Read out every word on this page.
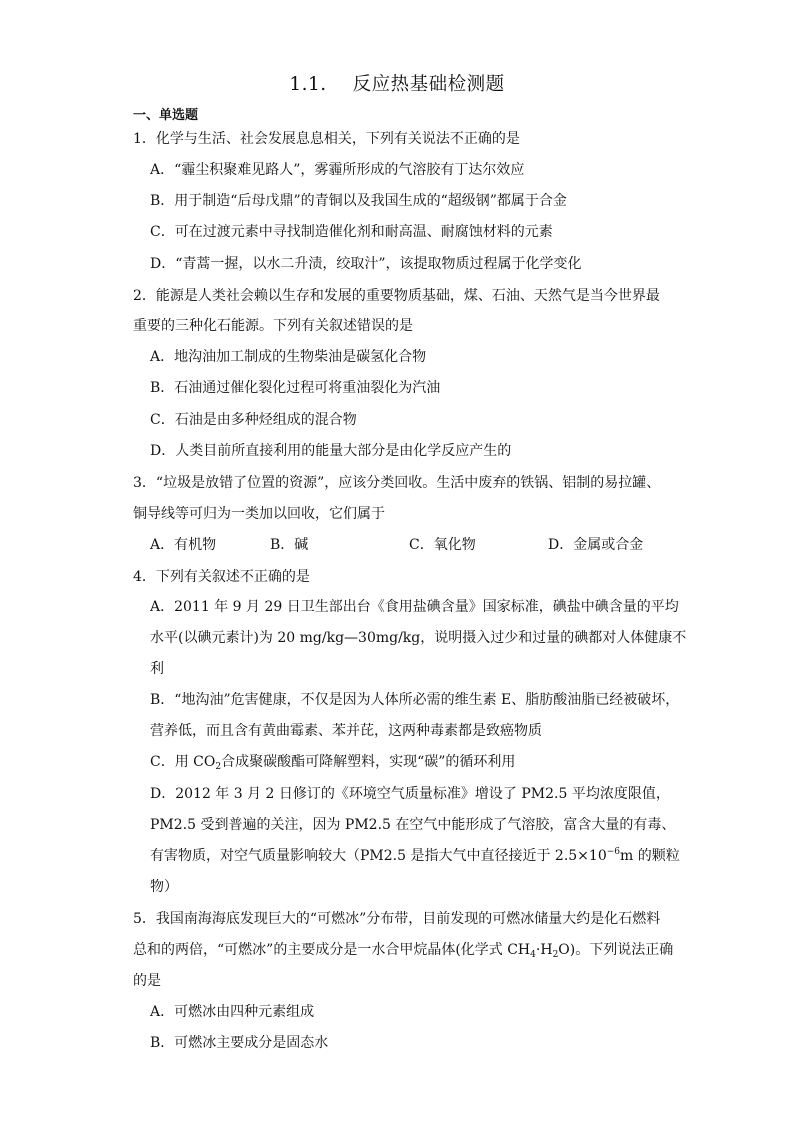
1.1. 反应热基础检测题
一、单选题
1．化学与生活、社会发展息息相关，下列有关说法不正确的是
A．“霾尘积聚难见路人”，雾霾所形成的气溶胶有丁达尔效应
B．用于制造“后母戊鼎”的青铜以及我国生成的“超级钢”都属于合金
C．可在过渡元素中寻找制造催化剂和耐高温、耐腐蚀材料的元素
D．“青蒿一握，以水二升渍，绞取汁”，该提取物质过程属于化学变化
2．能源是人类社会赖以生存和发展的重要物质基础，煤、石油、天然气是当今世界最
重要的三种化石能源。下列有关叙述错误的是
A．地沟油加工制成的生物柴油是碳氢化合物
B．石油通过催化裂化过程可将重油裂化为汽油
C．石油是由多种烃组成的混合物
D．人类目前所直接利用的能量大部分是由化学反应产生的
3．“垃圾是放错了位置的资源”，应该分类回收。生活中废弃的铁锅、铝制的易拉罐、
铜导线等可归为一类加以回收，它们属于
A．有机物	B．碱	C．氧化物	D．金属或合金
4．下列有关叙述不正确的是
A．2011 年 9 月 29 日卫生部出台《食用盐碘含量》国家标准，碘盐中碘含量的平均
水平(以碘元素计)为 20 mg/kg—30mg/kg，说明摄入过少和过量的碘都对人体健康不
利
B．“地沟油”危害健康，不仅是因为人体所必需的维生素 E、脂肪酸油脂已经被破坏，
营养低，而且含有黄曲霉素、苯并芘，这两种毒素都是致癌物质
C．用 $CO_2$合成聚碳酸酯可降解塑料，实现“碳”的循环利用
D．2012 年 3 月 2 日修订的《环境空气质量标准》增设了 PM2.5 平均浓度限值，
PM2.5 受到普遍的关注，因为 PM2.5 在空气中能形成了气溶胶，富含大量的有毒、
有害物质，对空气质量影响较大（PM2.5 是指大气中直径接近于 $2.5\times 10^{-6}m$ 的颗粒
物）
5．我国南海海底发现巨大的“可燃冰”分布带，目前发现的可燃冰储量大约是化石燃料
总和的两倍，“可燃冰”的主要成分是一水合甲烷晶体(化学式 $CH_4\cdot H_2O$)。下列说法正确
的是
A．可燃冰由四种元素组成
B．可燃冰主要成分是固态水
